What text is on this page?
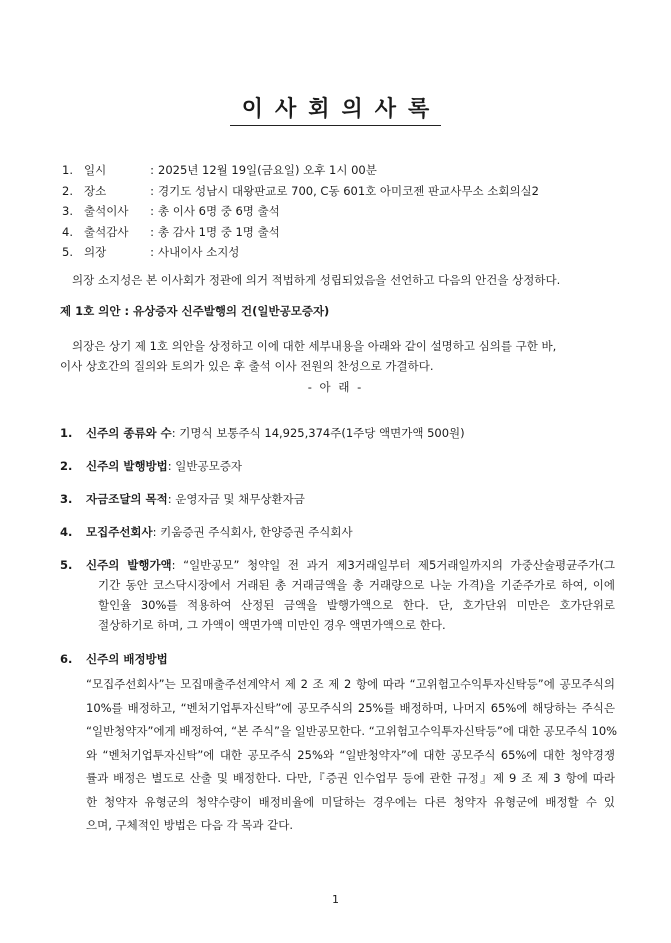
이사회의사록
1. 일시	: 2025년 12월 19일(금요일) 오후 1시 00분
2. 장소	: 경기도 성남시 대왕판교로 700, C동 601호 아미코젠 판교사무소 소회의실2
3. 출석이사 : 총 이사 6명 중 6명 출석
4. 출석감사 : 총 감사 1명 중 1명 출석
5. 의장	: 사내이사 소지성
의장 소지성은 본 이사회가 정관에 의거 적법하게 성립되었음을 선언하고 다음의 안건을 상정하다.
제 1호 의안 : 유상증자 신주발행의 건(일반공모증자)
의장은 상기 제 1호 의안을 상정하고 이에 대한 세부내용을 아래와 같이 설명하고 심의를 구한 바,
이사 상호간의 질의와 토의가 있은 후 출석 이사 전원의 찬성으로 가결하다.
- 아 래 -
1. 신주의 종류와 수: 기명식 보통주식 14,925,374주(1주당 액면가액 500원)
2. 신주의 발행방법: 일반공모증자
3. 자금조달의 목적: 운영자금 및 채무상환자금
4. 모집주선회사: 키움증권 주식회사, 한양증권 주식회사
5. 신주의 발행가액: “일반공모” 청약일 전 과거 제3거래일부터 제5거래일까지의 가중산술평균주가(그
기간 동안 코스닥시장에서 거래된 총 거래금액을 총 거래량으로 나눈 가격)을 기준주가로 하여, 이에
할인율 30%를 적용하여 산정된 금액을 발행가액으로 한다. 단, 호가단위 미만은 호가단위로
절상하기로 하며, 그 가액이 액면가액 미만인 경우 액면가액으로 한다.
6. 신주의 배정방법
“모집주선회사”는 모집매출주선계약서 제 2 조 제 2 항에 따라 “고위험고수익투자신탁등”에 공모주식의
10%를 배정하고, “벤처기업투자신탁”에 공모주식의 25%를 배정하며, 나머지 65%에 해당하는 주식은
“일반청약자”에게 배정하여, “본 주식”을 일반공모한다. “고위험고수익투자신탁등”에 대한 공모주식 10%
와 “벤처기업투자신탁”에 대한 공모주식 25%와 “일반청약자”에 대한 공모주식 65%에 대한 청약경쟁
률과 배정은 별도로 산출 및 배정한다. 다만,『증권 인수업무 등에 관한 규정』제 9 조 제 3 항에 따라
한 청약자 유형군의 청약수량이 배정비율에 미달하는 경우에는 다른 청약자 유형군에 배정할 수 있
으며, 구체적인 방법은 다음 각 목과 같다.
1
